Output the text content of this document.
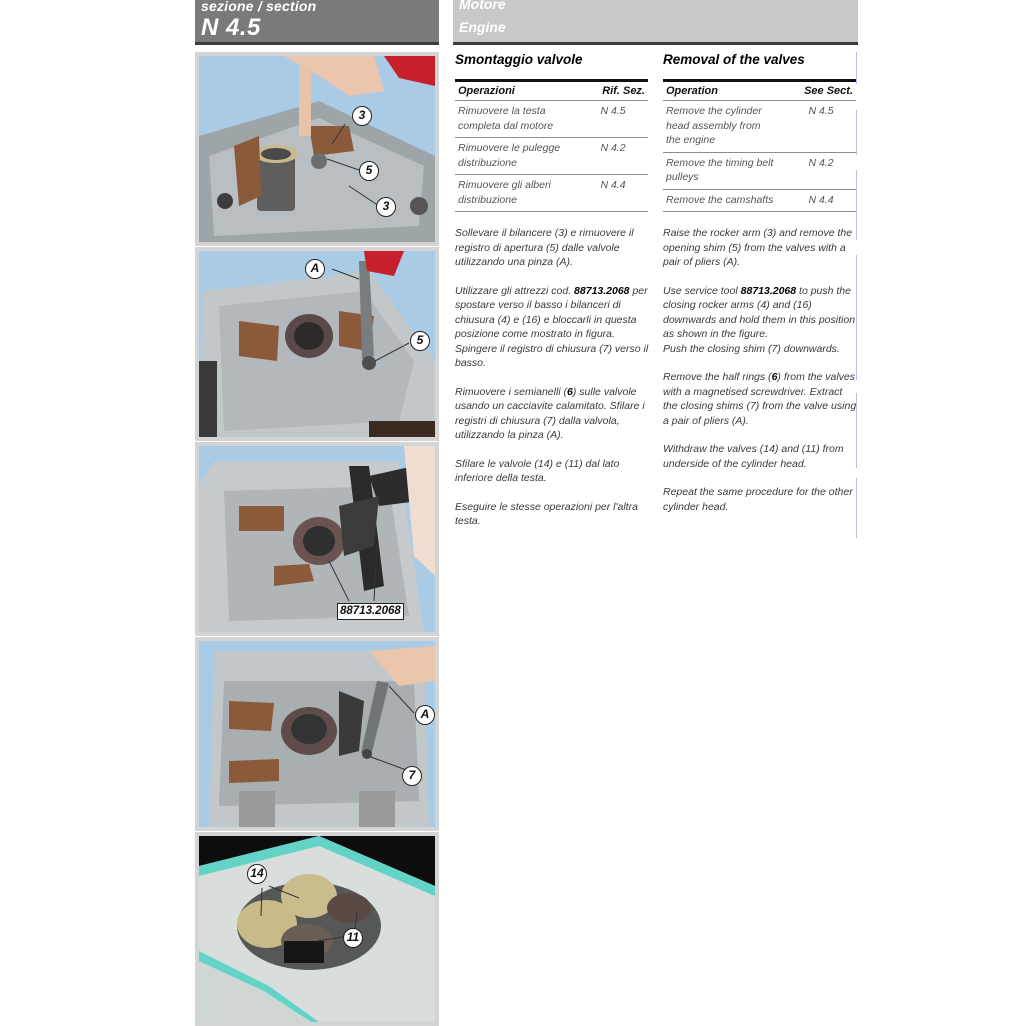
sezione / section
N 4.5
Motore
Engine
3
5
3
A
5
88713.2068
A
7
14
11
Smontaggio valvole
Operazioni	Rif. Sez.
Rimuovere la testa completa dal motore	N 4.5
Rimuovere le pulegge distribuzione	N 4.2
Rimuovere gli alberi distribuzione	N 4.4

Sollevare il bilancere (3) e rimuovere il registro di apertura (5) dalle valvole utilizzando una pinza (A).

Utilizzare gli attrezzi cod. 88713.2068 per spostare verso il basso i bilanceri di chiusura (4) e (16) e bloccarli in questa posizione come mostrato in figura.

Spingere il registro di chiusura (7) verso il basso.

Rimuovere i semianelli (6) sulle valvole usando un cacciavite calamitato. Sfilare i registri di chiusura (7) dalla valvola, utilizzando la pinza (A).

Sfilare le valvole (14) e (11) dal lato inferiore della testa.

Eseguire le stesse operazioni per l'altra testa.

Removal of the valves
Operation	See Sect.
Remove the cylinder head assembly from the engine	N 4.5
Remove the timing belt pulleys	N 4.2
Remove the camshafts	N 4.4

Raise the rocker arm (3) and remove the opening shim (5) from the valves with a pair of pliers (A).

Use service tool 88713.2068 to push the closing rocker arms (4) and (16) downwards and hold them in this position as shown in the figure.

Push the closing shim (7) downwards.

Remove the half rings (6) from the valves with a magnetised screwdriver. Extract the closing shims (7) from the valve using a pair of pliers (A).

Withdraw the valves (14) and (11) from underside of the cylinder head.

Repeat the same procedure for the other cylinder head.
